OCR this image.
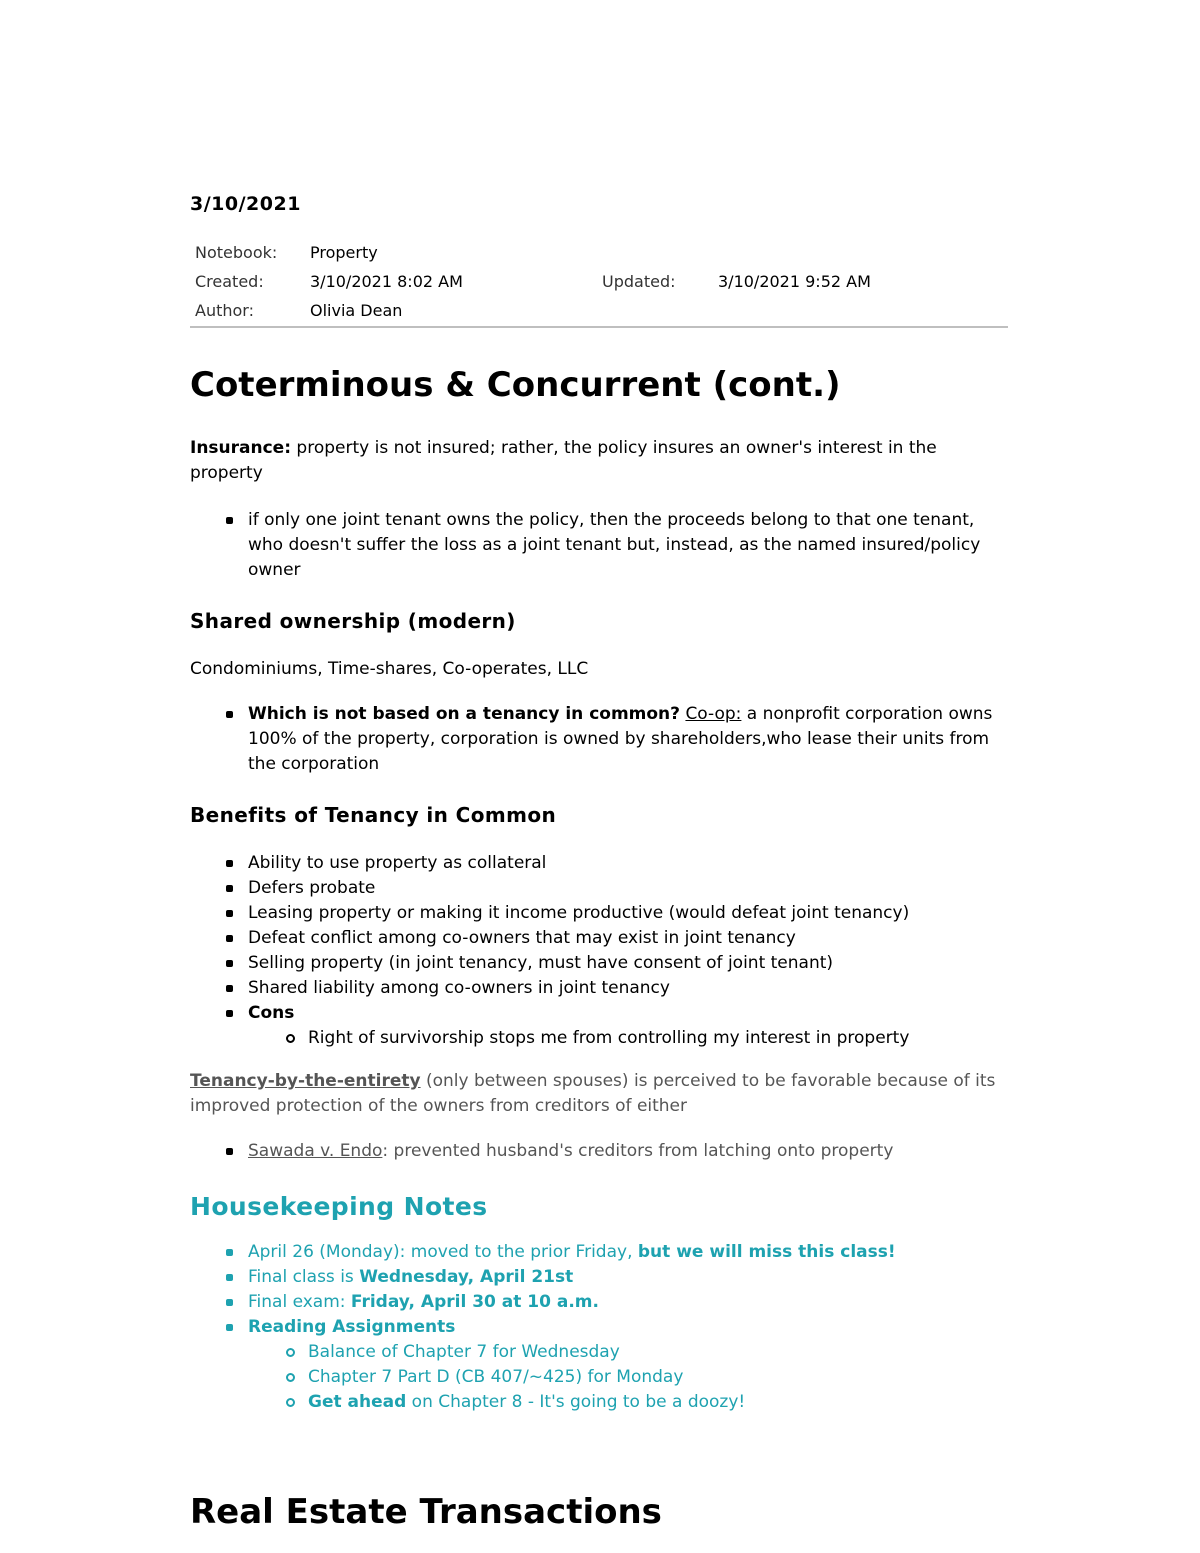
3/10/2021
Notebook: Property
Created:	3/10/2021 8:02 AM	Updated:	3/10/2021 9:52 AM
Author:	Olivia Dean
Coterminous & Concurrent (cont.)

Insurance: property is not insured; rather, the policy insures an owner's interest in the property

if only one joint tenant owns the policy, then the proceeds belong to that one tenant, who doesn't suffer the loss as a joint tenant but, instead, as the named insured/policy owner
Shared ownership (modern)

Condominiums, Time-shares, Co-operates, LLC

Which is not based on a tenancy in common? Co-op: a nonprofit corporation owns 100% of the property, corporation is owned by shareholders,who lease their units from the corporation
Benefits of Tenancy in Common
Ability to use property as collateral
Defers probate
Leasing property or making it income productive (would defeat joint tenancy)
Defeat conflict among co-owners that may exist in joint tenancy
Selling property (in joint tenancy, must have consent of joint tenant)
Shared liability among co-owners in joint tenancy
Cons
Right of survivorship stops me from controlling my interest in property

Tenancy-by-the-entirety (only between spouses) is perceived to be favorable because of its improved protection of the owners from creditors of either

Sawada v. Endo: prevented husband's creditors from latching onto property

Housekeeping Notes

April 26 (Monday): moved to the prior Friday, but we will miss this class!
Final class is Wednesday, April 21st
Final exam: Friday, April 30 at 10 a.m.
Reading Assignments
Balance of Chapter 7 for Wednesday
Chapter 7 Part D (CB 407/~425) for Monday
Get ahead on Chapter 8 - It's going to be a doozy!

Real Estate Transactions
